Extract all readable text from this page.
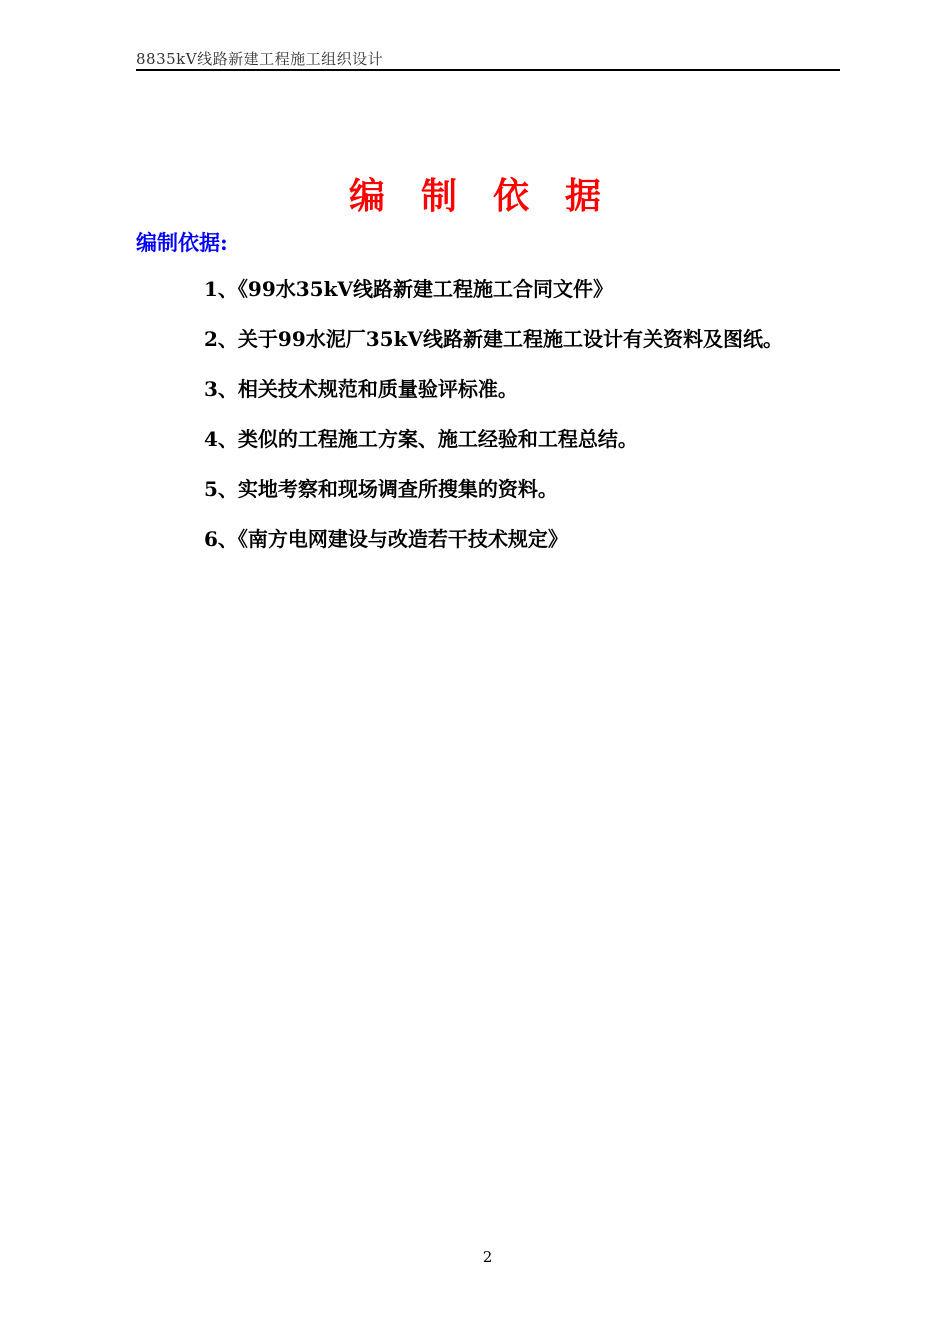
8835kV线路新建工程施工组织设计
编制依据
编制依据:
1、《99水35kV线路新建工程施工合同文件》
2、关于99水泥厂35kV线路新建工程施工设计有关资料及图纸。
3、相关技术规范和质量验评标准。
4、类似的工程施工方案、施工经验和工程总结。
5、实地考察和现场调查所搜集的资料。
6、《南方电网建设与改造若干技术规定》
2
